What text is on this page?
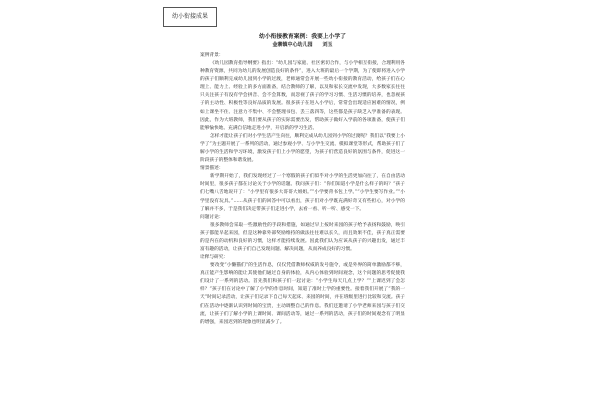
幼小衔接成果

幼小衔接教育案例：我要上小学了

金寨镇中心幼儿园　　刘玉

案例背景：

《幼儿园教育指导纲要》指出：“幼儿园与家庭、社区密切合作，与小学相互衔接，合理利用各种教育资源，共同为幼儿的发展创造良好的条件”，进入大班的最后一个学期，为了使即将进入小学的孩子们顺利完成幼儿园到小学的过渡，老师通常会开展一些幼小衔接的教育活动，给孩子们在心理上、能力上、经验上的多方面准备，结合教师的了解，以及和家长交流中发现，大多数家长往往只关注孩子有没有学会拼音、会不会算数，而忽视了孩子的学习习惯、生活习惯的培养，也忽视孩子的主动性、积极性等良好品质的发展。很多孩子在进入小学后，常常会出现适应困难的情况，例如上课坐不住、注意力不集中、不会整理书包、丢三落四等，这些都是孩子缺乏入学准备的表现。因此，作为大班教师，我们要从孩子的实际需要出发，帮助孩子做好入学前的各项准备，使孩子们能够愉快地、充满自信地走进小学，开启新的学习生活。

怎样才能让孩子们对小学生活产生向往，顺利完成从幼儿园到小学的过渡呢？我们以“我要上小学了”为主题开展了一系列的活动，通过参观小学、与小学生交流、模拟课堂等形式，帮助孩子们了解小学的生活和学习环境，激发孩子们上小学的愿望，为孩子们营造良好的氛围与条件，促进这一阶段孩子的整体和谐发展。

情景描述：

新学期开始了，我们发现经过了一个寒假的孩子们似乎对小学的生活更加向往了，在自由活动时间里，很多孩子都在讨论关于小学的话题。我问孩子们：“你们知道小学是什么样子的吗？”孩子们七嘴八舌地说开了：“小学里有很多大哥哥大姐姐。”“小学要背书包上学。”“小学生要写作业。”“小学里没有玩具。”……从孩子们的回答中可以看出，孩子们对小学既充满好奇又有些担心，对小学的了解并不多，于是我们决定带孩子们走进小学，去看一看、听一听、感受一下。

问题讨论：

很多教师会采取一些激励性的手段和措施，如通过早上按时来园的孩子给予表扬和鼓励，唤引孩子都能早起来园，但是这种靠外部奖励维持的做法往往难以长久，而且效果不佳，孩子真正需要的是内在的动机和良好的习惯，这样才能持续发展。因此我们认为应该从孩子的兴趣出发，通过丰富有趣的活动，让孩子们自己发现问题、解决问题，从而养成良好的习惯。

诠释与研究：

要改变“小懒猫们”的生活作息，仅仅凭借教师权威的发号施令，或是外界的简单激励都不够，真正能产生影响的能让其使他们通过自身的体验，从内心体验到时间观念，这个问题的思考促使我们设计了一系列的活动。首先我们和孩子们一起讨论：“小学生每天几点上学？”“上课迟到了会怎样？”孩子们在讨论中了解了小学的作息时间，知道了准时上学的重要性。接着我们开展了“我的一天”时间记录活动，让孩子们记录下自己每天起床、来园的时间，并在班级里进行比较和交流。孩子们在活动中逐渐认识到时间的宝贵，主动调整自己的作息。我们还邀请了小学老师来园与孩子们交流，让孩子们了解小学的上课时间、课间活动等，通过一系列的活动，孩子们的时间观念有了明显的增强，来园迟到的现象也明显减少了。
